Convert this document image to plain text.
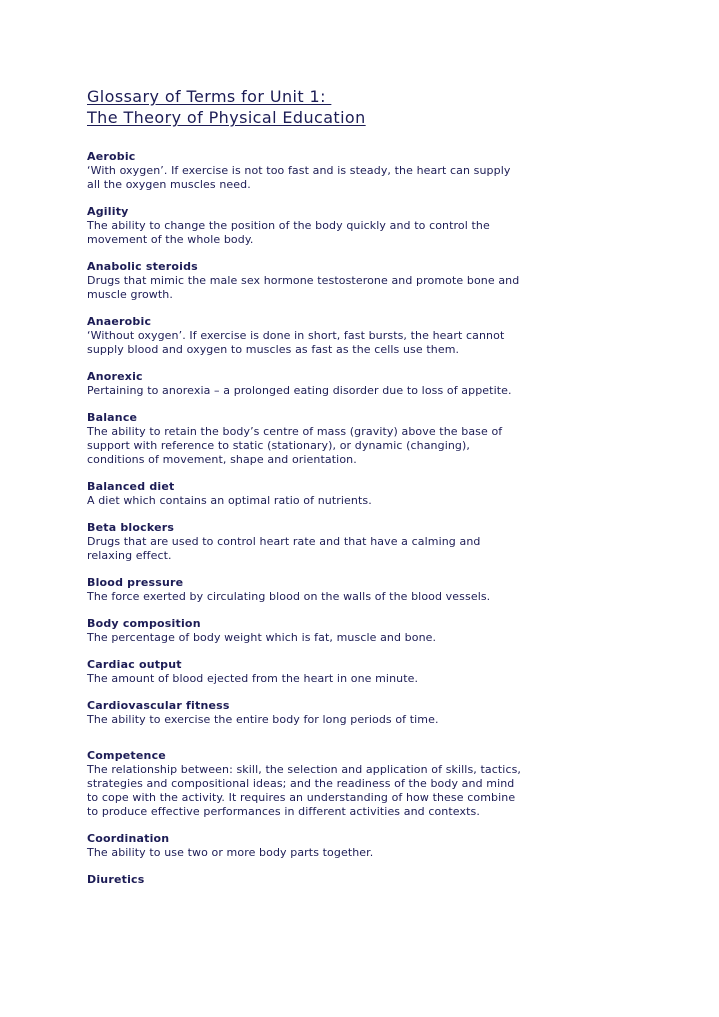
Glossary of Terms for Unit 1:
The Theory of Physical Education
Aerobic
‘With oxygen’. If exercise is not too fast and is steady, the heart can supply all the oxygen muscles need.
Agility
The ability to change the position of the body quickly and to control the movement of the whole body.
Anabolic steroids
Drugs that mimic the male sex hormone testosterone and promote bone and muscle growth.
Anaerobic
‘Without oxygen’. If exercise is done in short, fast bursts, the heart cannot supply blood and oxygen to muscles as fast as the cells use them.
Anorexic
Pertaining to anorexia – a prolonged eating disorder due to loss of appetite.
Balance
The ability to retain the body’s centre of mass (gravity) above the base of support with reference to static (stationary), or dynamic (changing), conditions of movement, shape and orientation.
Balanced diet
A diet which contains an optimal ratio of nutrients.
Beta blockers
Drugs that are used to control heart rate and that have a calming and relaxing effect.
Blood pressure
The force exerted by circulating blood on the walls of the blood vessels.
Body composition
The percentage of body weight which is fat, muscle and bone.
Cardiac output
The amount of blood ejected from the heart in one minute.
Cardiovascular fitness
The ability to exercise the entire body for long periods of time.
Competence
The relationship between: skill, the selection and application of skills, tactics, strategies and compositional ideas; and the readiness of the body and mind to cope with the activity. It requires an understanding of how these combine to produce effective performances in different activities and contexts.
Coordination
The ability to use two or more body parts together.
Diuretics
